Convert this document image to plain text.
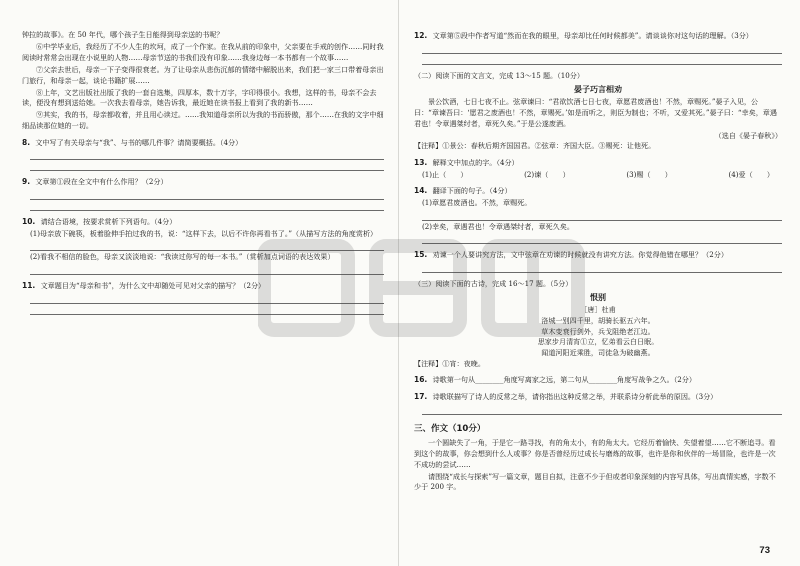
钟拉的故事》。在 50 年代，哪个孩子生日能得到母亲送的书呢？

⑥中学毕业后，我经历了不少人生的坎坷，成了一个作家。在我从前的印象中，父亲要在手戒的创作……同时我阅读时常常会出现在小说里的人物……母亲节送的书我们没有印象……我身边每一本书都有一个故事……

⑦父亲去世后，母亲一下子变得很衰老。为了让母亲从悲伤沉郁的情绪中解脱出来，我们把一家三口带着母亲出门旅行，和母亲一起，谈论书籍扩展……

⑧上年，文艺出版社出版了我的一套自选集，四厚本，数十万字，字印得很小。我想，这样的书，母亲不会去读，便没有想到送给她。一次我去看母亲，她告诉我，最近她在读书报上看到了我的新书……

⑨其实，我的书，母亲都收着，并且用心读过。……我知道母亲所以为我的书而骄傲，那个……在我的文字中细细品读那位她的一切。

8. 文中写了有关母亲与“我”、与书的哪几件事？请简要概括。（4分）
9. 文章第①段在全文中有什么作用？（2分）
10. 请结合语境，按要求赏析下列语句。（4分）
(1)母亲放下碗筷，板着脸伸手拍过我的书，说：“这样下去，以后不许你再看书了。”（从描写方法的角度赏析）
(2)看我不相信的脸色，母亲又淡淡地说：“我读过你写的每一本书。”（赏析加点词语的表达效果）
11. 文章题目为“母亲和书”，为什么文中却随处可见对父亲的描写？（2分）
12. 文章第⑤段中作者写道“然而在我的眼里，母亲却比任何时候都美”。请谈谈你对这句话的理解。（3分）
（二）阅读下面的文言文，完成 13～15 题。（10分）
晏子巧言相劝

景公饮酒，七日七夜不止。弦章谏曰：“君欲饮酒七日七夜，章愿君废酒也！不然，章赐死。”晏子入见，公曰：“章谏吾曰：‘愿君之废酒也！不然，章赐死。’如是而听之，则臣为制也；不听，又爱其死。”晏子曰：“幸矣，章遇君也！令章遇桀纣者，章死久矣。”于是公遂废酒。

（选自《晏子春秋》）
【注释】①景公：春秋后期齐国国君。②弦章：齐国大臣。③赐死：让他死。
13. 解释文中加点的字。（4分）
(1)止（　　）	(2)谏（　　）	(3)赐（　　）	(4)爱（　　）
14. 翻译下面的句子。（4分）
(1)章愿君废酒也。不然，章赐死。
(2)幸矣，章遇君也！令章遇桀纣者，章死久矣。
15. 劝谏一个人要讲究方法，文中弦章在劝谏的时候就没有讲究方法。你觉得他错在哪里？（2分）
（三）阅读下面的古诗，完成 16～17 题。（5分）
恨别
［唐］杜甫
洛城一别四千里，胡骑长驱五六年。
草木变衰行剑外，兵戈阻绝老江边。
思家步月清宵①立，忆弟看云白日眠。
闻道河阳近乘胜，司徒急为破幽燕。
【注释】①宵：夜晚。
16. 诗歌第一句从________角度写离家之远，第二句从________角度写战争之久。（2分）
17. 诗歌联描写了诗人的反常之举，请你指出这种反常之举，并联系诗分析此举的原因。（3分）
三、作文（10分）

一个圆缺失了一角，于是它一路寻找，有的角太小，有的角太大。它经历着愉快、失望着望……它不断追寻。看到这个的故事，你会想到什么人或事？你是否曾经历过成长与磨炼的故事，也许是你和伙伴的一场冒险，也许是一次不成功的尝试……

请围绕“成长与探索”写一篇文章，题目自拟，注意不少于但或者印象深刻的内容写具体，写出真情实感，字数不少于 200 字。

73
